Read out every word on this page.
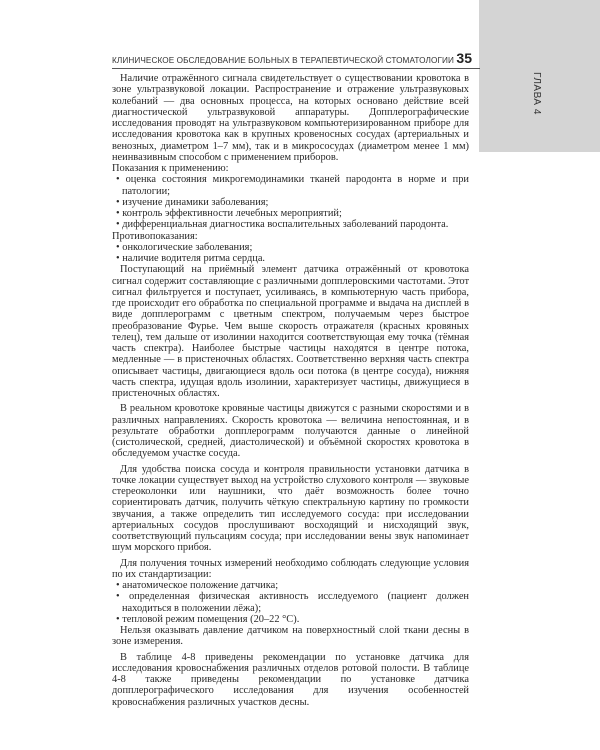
ГЛАВА 4
КЛИНИЧЕСКОЕ ОБСЛЕДОВАНИЕ БОЛЬНЫХ В ТЕРАПЕВТИЧЕСКОЙ СТОМАТОЛОГИИ 35

Наличие отражённого сигнала свидетельствует о существовании кровотока в зоне ультразвуковой локации. Распространение и отражение ультразвуковых колебаний — два основных процесса, на которых основано действие всей диагностической ультразвуковой аппаратуры. Допплерографические исследования проводят на ультразвуковом компьютеризированном приборе для исследования кровотока как в крупных кровеносных сосудах (артериальных и венозных, диаметром 1–7 мм), так и в микрососудах (диаметром менее 1 мм) неинвазивным способом с применением приборов.

Показания к применению:

• оценка состояния микрогемодинамики тканей пародонта в норме и при патологии;
• изучение динамики заболевания;
• контроль эффективности лечебных мероприятий;
• дифференциальная диагностика воспалительных заболеваний пародонта.

Противопоказания:

• онкологические заболевания;
• наличие водителя ритма сердца.

Поступающий на приёмный элемент датчика отражённый от кровотока сигнал содержит составляющие с различными допплеровскими частотами. Этот сигнал фильтруется и поступает, усиливаясь, в компьютерную часть прибора, где происходит его обработка по специальной программе и выдача на дисплей в виде допплерограмм с цветным спектром, получаемым через быстрое преобразование Фурье. Чем выше скорость отражателя (красных кровяных телец), тем дальше от изолинии находится соответствующая ему точка (тёмная часть спектра). Наиболее быстрые частицы находятся в центре потока, медленные — в пристеночных областях. Соответственно верхняя часть спектра описывает частицы, двигающиеся вдоль оси потока (в центре сосуда), нижняя часть спектра, идущая вдоль изолинии, характеризует частицы, движущиеся в пристеночных областях.

В реальном кровотоке кровяные частицы движутся с разными скоростями и в различных направлениях. Скорость кровотока — величина непостоянная, и в результате обработки допплерограмм получаются данные о линейной (систолической, средней, диастолической) и объёмной скоростях кровотока в обследуемом участке сосуда.

Для удобства поиска сосуда и контроля правильности установки датчика в точке локации существует выход на устройство слухового контроля — звуковые стереоколонки или наушники, что даёт возможность более точно сориентировать датчик, получить чёткую спектральную картину по громкости звучания, а также определить тип исследуемого сосуда: при исследовании артериальных сосудов прослушивают восходящий и нисходящий звук, соответствующий пульсациям сосуда; при исследовании вены звук напоминает шум морского прибоя.

Для получения точных измерений необходимо соблюдать следующие условия по их стандартизации:

• анатомическое положение датчика;
• определенная физическая активность исследуемого (пациент должен находиться в положении лёжа);
• тепловой режим помещения (20–22 °С).

Нельзя оказывать давление датчиком на поверхностный слой ткани десны в зоне измерения.

В таблице 4-8 приведены рекомендации по установке датчика для исследования кровоснабжения различных отделов ротовой полости. В таблице 4-8 также приведены рекомендации по установке датчика допплерографического исследования для изучения особенностей кровоснабжения различных участков десны.
